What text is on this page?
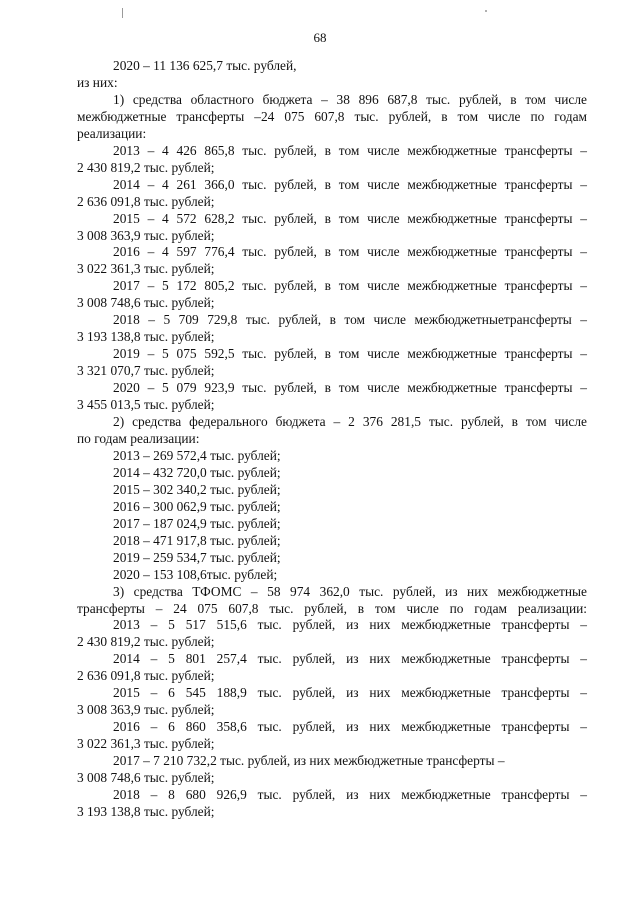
68

2020 – 11 136 625,7 тыс. рублей,

из них:

1) средства областного бюджета – 38 896 687,8 тыс. рублей, в том числе

межбюджетные трансферты –24 075 607,8 тыс. рублей, в том числе по годам

реализации:

2013 – 4 426 865,8 тыс. рублей, в том числе межбюджетные трансферты –

2 430 819,2 тыс. рублей;

2014 – 4 261 366,0 тыс. рублей, в том числе межбюджетные трансферты –

2 636 091,8 тыс. рублей;

2015 – 4 572 628,2 тыс. рублей, в том числе межбюджетные трансферты –

3 008 363,9 тыс. рублей;

2016 – 4 597 776,4 тыс. рублей, в том числе межбюджетные трансферты –

3 022 361,3 тыс. рублей;

2017 – 5 172 805,2 тыс. рублей, в том числе межбюджетные трансферты –

3 008 748,6 тыс. рублей;

2018 – 5 709 729,8 тыс. рублей, в том числе межбюджетныетрансферты –

3 193 138,8 тыс. рублей;

2019 – 5 075 592,5 тыс. рублей, в том числе межбюджетные трансферты –

3 321 070,7 тыс. рублей;

2020 – 5 079 923,9 тыс. рублей, в том числе межбюджетные трансферты –

3 455 013,5 тыс. рублей;

2) средства федерального бюджета – 2 376 281,5 тыс. рублей, в том числе

по годам реализации:

2013 – 269 572,4 тыс. рублей;

2014 – 432 720,0 тыс. рублей;

2015 – 302 340,2 тыс. рублей;

2016 – 300 062,9 тыс. рублей;

2017 – 187 024,9 тыс. рублей;

2018 – 471 917,8 тыс. рублей;

2019 – 259 534,7 тыс. рублей;

2020 – 153 108,6тыс. рублей;

3) средства ТФОМС – 58 974 362,0 тыс. рублей, из них межбюджетные

трансферты – 24 075 607,8 тыс. рублей, в том числе по годам реализации:

2013 – 5 517 515,6 тыс. рублей, из них межбюджетные трансферты –

2 430 819,2 тыс. рублей;

2014 – 5 801 257,4 тыс. рублей, из них межбюджетные трансферты –

2 636 091,8 тыс. рублей;

2015 – 6 545 188,9 тыс. рублей, из них межбюджетные трансферты –

3 008 363,9 тыс. рублей;

2016 – 6 860 358,6 тыс. рублей, из них межбюджетные трансферты –

3 022 361,3 тыс. рублей;

2017 – 7 210 732,2 тыс. рублей, из них межбюджетные трансферты –

3 008 748,6 тыс. рублей;

2018 – 8 680 926,9 тыс. рублей, из них межбюджетные трансферты –

3 193 138,8 тыс. рублей;
